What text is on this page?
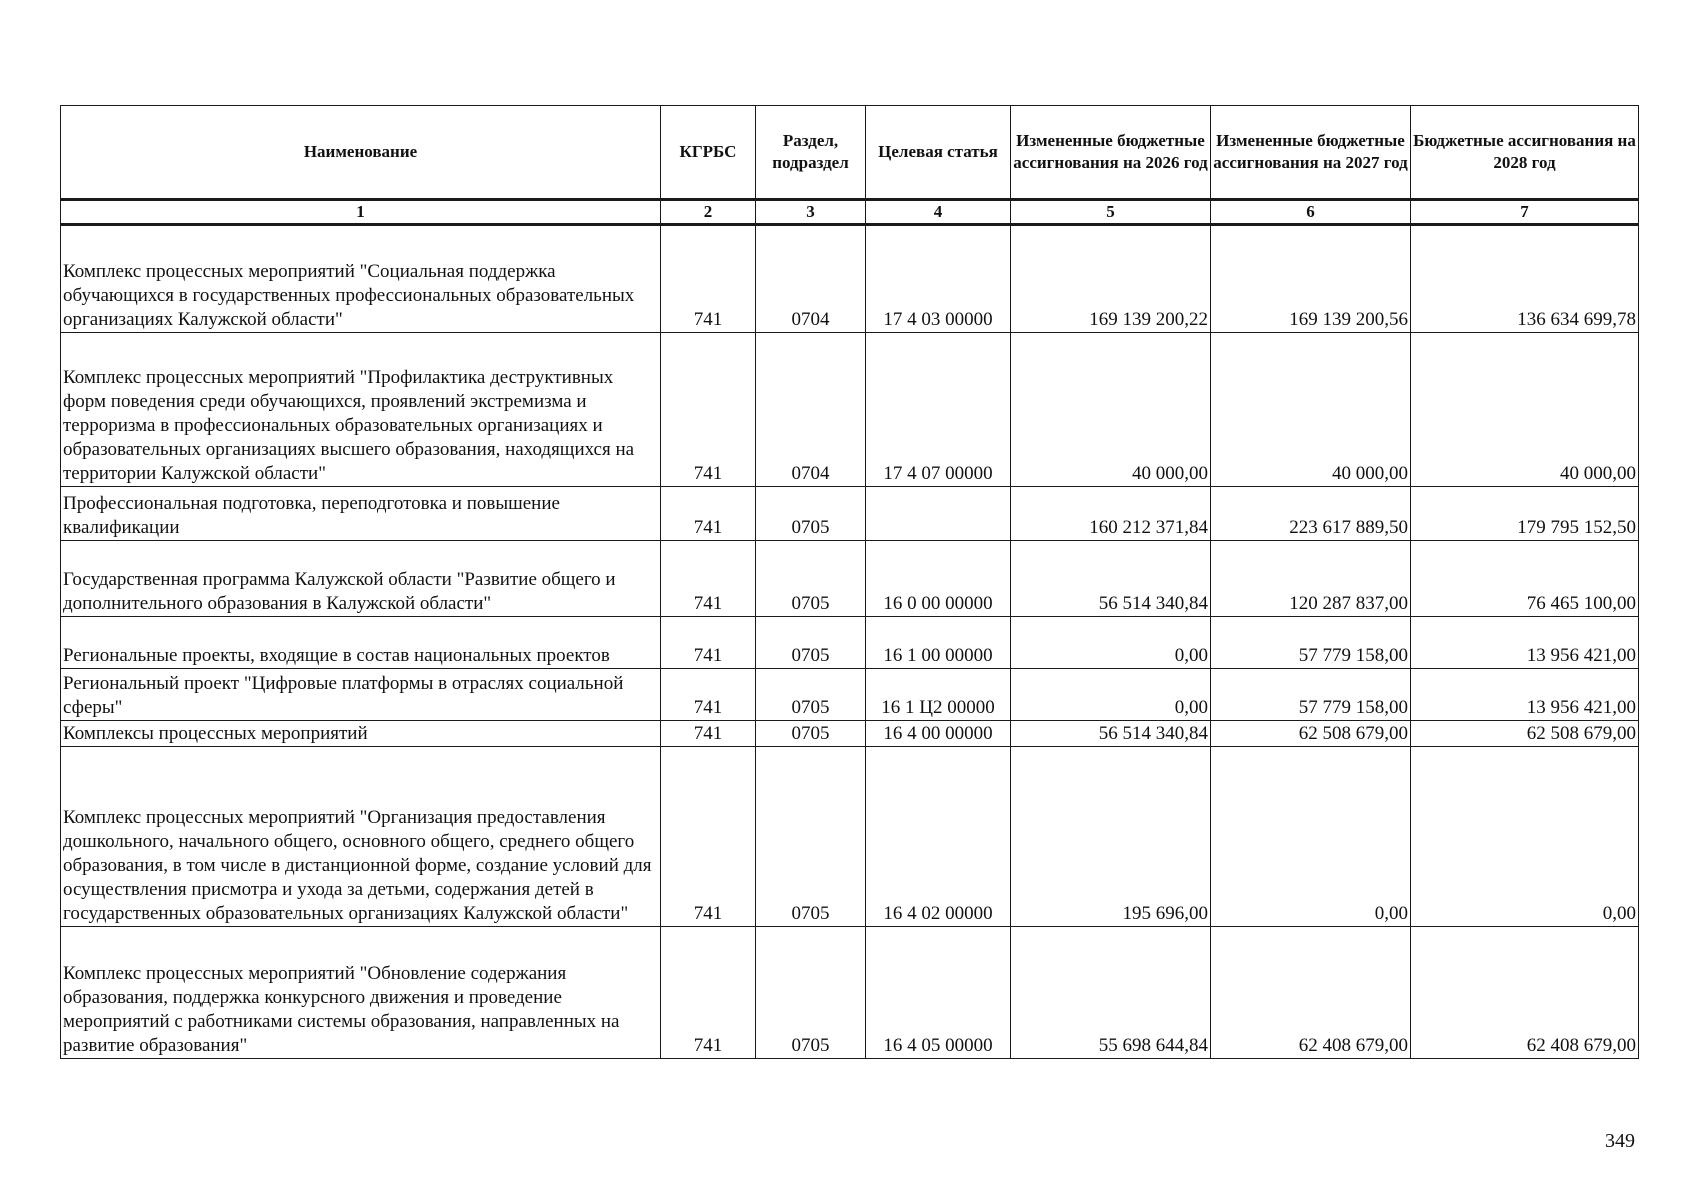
Наименование	КГРБС	Раздел, подраздел	Целевая статья	Измененные бюджетные ассигнования на 2026 год	Измененные бюджетные ассигнования на 2027 год	Бюджетные ассигнования на 2028 год
1	2	3	4	5	6	7
Комплекс процессных мероприятий "Социальная поддержка обучающихся в государственных профессиональных образовательных организациях Калужской области"	741	0704	17 4 03 00000	169 139 200,22	169 139 200,56	136 634 699,78
Комплекс процессных мероприятий "Профилактика деструктивных форм поведения среди обучающихся, проявлений экстремизма и терроризма в профессиональных образовательных организациях и образовательных организациях высшего образования, находящихся на территории Калужской области"	741	0704	17 4 07 00000	40 000,00	40 000,00	40 000,00
Профессиональная подготовка, переподготовка и повышение квалификации	741	0705		160 212 371,84	223 617 889,50	179 795 152,50
Государственная программа Калужской области "Развитие общего и дополнительного образования в Калужской области"	741	0705	16 0 00 00000	56 514 340,84	120 287 837,00	76 465 100,00
Региональные проекты, входящие в состав национальных проектов	741	0705	16 1 00 00000	0,00	57 779 158,00	13 956 421,00
Региональный проект "Цифровые платформы в отраслях социальной сферы"	741	0705	16 1 Ц2 00000	0,00	57 779 158,00	13 956 421,00
Комплексы процессных мероприятий	741	0705	16 4 00 00000	56 514 340,84	62 508 679,00	62 508 679,00
Комплекс процессных мероприятий "Организация предоставления дошкольного, начального общего, основного общего, среднего общего образования, в том числе в дистанционной форме, создание условий для осуществления присмотра и ухода за детьми, содержания детей в государственных образовательных организациях Калужской области"	741	0705	16 4 02 00000	195 696,00	0,00	0,00
Комплекс процессных мероприятий "Обновление содержания образования, поддержка конкурсного движения и проведение мероприятий с работниками системы образования, направленных на развитие образования"	741	0705	16 4 05 00000	55 698 644,84	62 408 679,00	62 408 679,00
349
